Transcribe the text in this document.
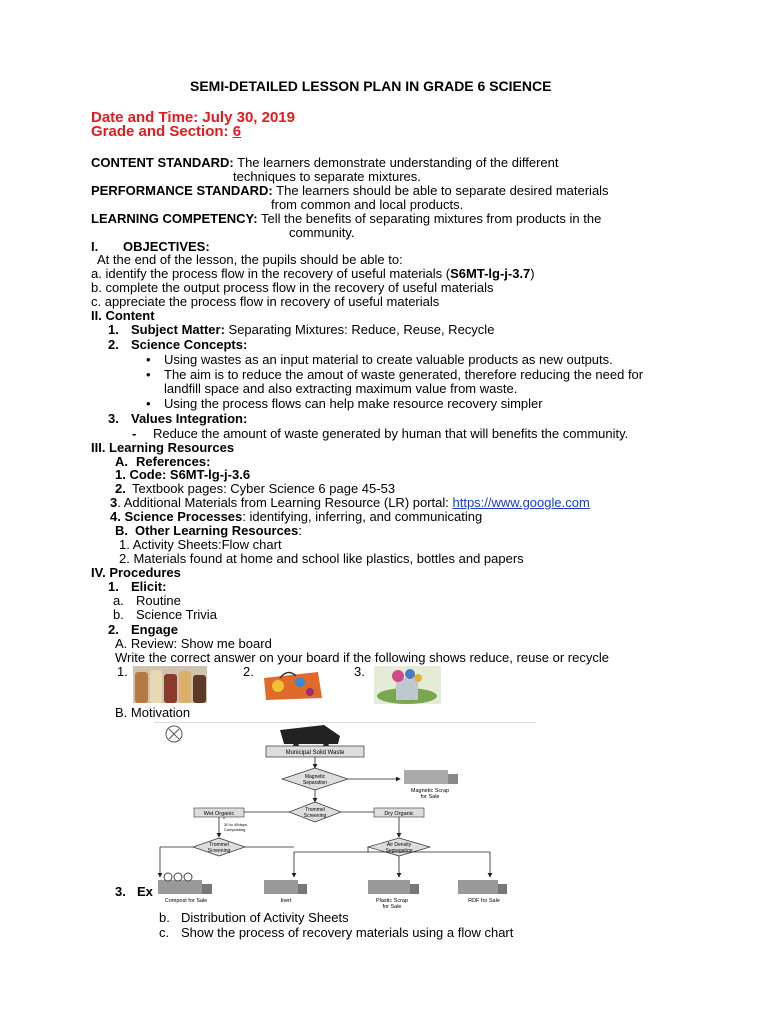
SEMI-DETAILED LESSON PLAN IN GRADE 6 SCIENCE
Date and Time: July 30, 2019
Grade and Section: 6
CONTENT STANDARD: The learners demonstrate understanding of the different
techniques to separate mixtures.
PERFORMANCE STANDARD: The learners should be able to separate desired materials
from common and local products.
LEARNING COMPETENCY: Tell the benefits of separating mixtures from products in the
community.
I. OBJECTIVES:
At the end of the lesson, the pupils should be able to:
a. identify the process flow in the recovery of useful materials (S6MT-lg-j-3.7)
b. complete the output process flow in the recovery of useful materials
c. appreciate the process flow in recovery of useful materials
II. Content
1. Subject Matter: Separating Mixtures: Reduce, Reuse, Recycle
2. Science Concepts:
• Using wastes as an input material to create valuable products as new outputs.
• The aim is to reduce the amout of waste generated, therefore reducing the need for
landfill space and also extracting maximum value from waste.
• Using the process flows can help make resource recovery simpler
3. Values Integration:
- Reduce the amount of waste generated by human that will benefits the community.
III. Learning Resources
A. References:
1. Code: S6MT-lg-j-3.6
2. Textbook pages: Cyber Science 6 page 45-53
3. Additional Materials from Learning Resource (LR) portal: https://www.google.com
4. Science Processes: identifying, inferring, and communicating
B. Other Learning Resources:
1. Activity Sheets:Flow chart
2. Materials found at home and school like plastics, bottles and papers
IV. Procedures
1. Elicit:
a. Routine
b. Science Trivia
2. Engage
A. Review: Show me board
Write the correct answer on your board if the following shows reduce, reuse or recycle
1.	2.	3.
B. Motivation
Municipal Solid Waste
Magnetic
Separation
Magnetic Scrap
for Sale
Trommel
Screening
Wet Organic	Dry Organic
30 to 45days
Composting
Trommel
Screening
Air Density
Segregation
Compost for Sale	Inert	Plastic Scrap
for Sale
RDF for Sale
3. Ex
b. Distribution of Activity Sheets
c. Show the process of recovery materials using a flow chart
